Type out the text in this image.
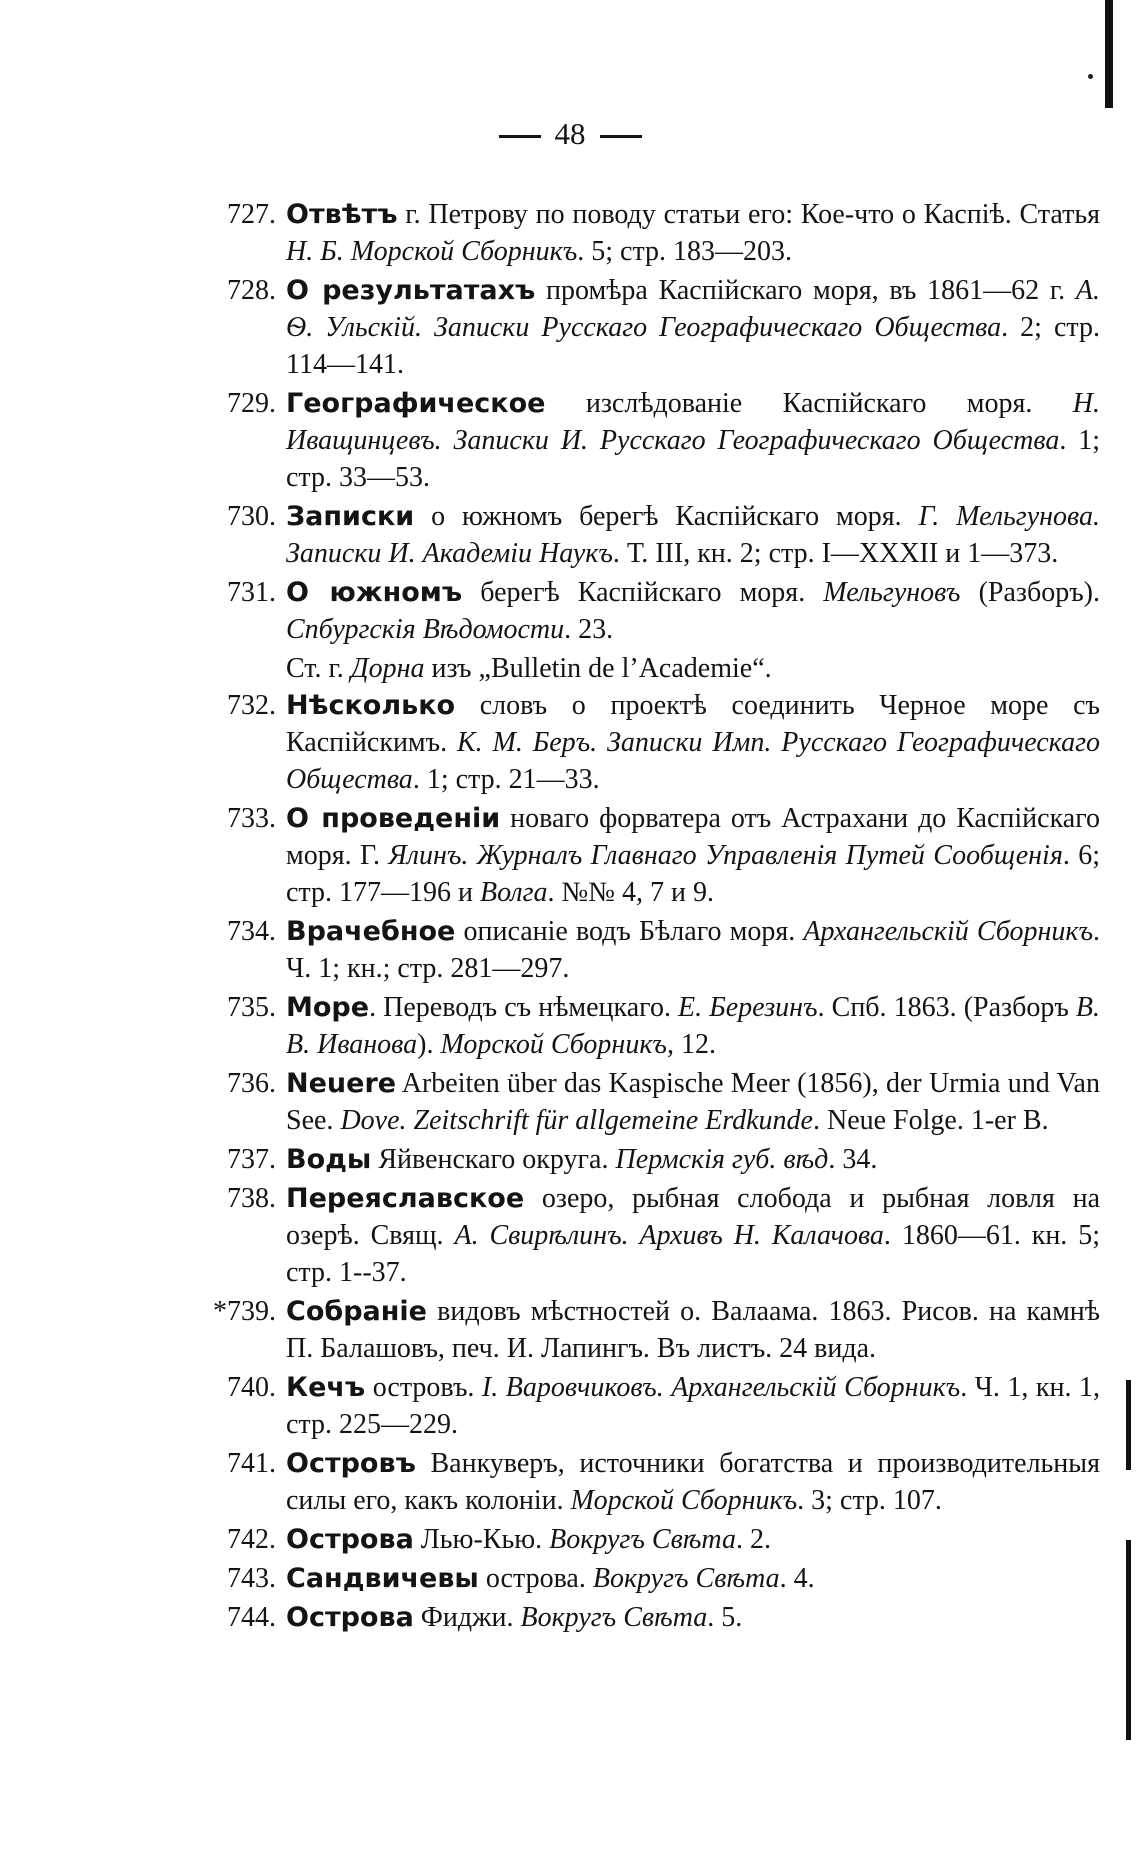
48
727. Отвѣтъ г. Петрову по поводу статьи его: Кое-что о Каспіѣ. Статья Н. Б. Морской Сборникъ. 5; стр. 183—203.
728. О результатахъ промѣра Каспійскаго моря, въ 1861—62 г. А. Ѳ. Ульскій. Записки Русскаго Географическаго Общества. 2; стр. 114—141.
729. Географическое изслѣдованіе Каспійскаго моря. Н. Иващинцевъ. Записки И. Русскаго Географическаго Общества. 1; стр. 33—53.
730. Записки о южномъ берегѣ Каспійскаго моря. Г. Мельгунова. Записки И. Академіи Наукъ. Т. III, кн. 2; стр. I—XXXII и 1—373.
731. О южномъ берегѣ Каспійскаго моря. Мельгуновъ (Разборъ). Спбургскія Вѣдомости. 23.
Ст. г. Дорна изъ „Bulletin de l’Academie“.
732. Нѣсколько словъ о проектѣ соединить Черное море съ Каспійскимъ. К. М. Беръ. Записки Имп. Русскаго Географическаго Общества. 1; стр. 21—33.
733. О проведеніи новаго форватера отъ Астрахани до Каспійскаго моря. Г. Ялинъ. Журналъ Главнаго Управленія Путей Сообщенія. 6; стр. 177—196 и Волга. №№ 4, 7 и 9.
734. Врачебное описаніе водъ Бѣлаго моря. Архангельскій Сборникъ. Ч. 1; кн.; стр. 281—297.
735. Море. Переводъ съ нѣмецкаго. Е. Березинъ. Спб. 1863. (Разборъ В. В. Иванова). Морской Сборникъ, 12.
736. Neuere Arbeiten über das Kaspische Meer (1856), der Urmia und Van See. Dove. Zeitschrift für allgemeine Erdkunde. Neue Folge. 1-er B.
737. Воды Яйвенскаго округа. Пермскія губ. вѣд. 34.
738. Переяславское озеро, рыбная слобода и рыбная ловля на озерѣ. Свящ. А. Свирѣлинъ. Архивъ Н. Калачова. 1860—61. кн. 5; стр. 1--37.
*739. Собраніе видовъ мѣстностей о. Валаама. 1863. Рисов. на камнѣ П. Балашовъ, печ. И. Лапингъ. Въ листъ. 24 вида.
740. Кечъ островъ. І. Варовчиковъ. Архангельскій Сборникъ. Ч. 1, кн. 1, стр. 225—229.
741. Островъ Ванкуверъ, источники богатства и производительныя силы его, какъ колоніи. Морской Сборникъ. 3; стр. 107.
742. Острова Лью-Кью. Вокругъ Свѣта. 2.
743. Сандвичевы острова. Вокругъ Свѣта. 4.
744. Острова Фиджи. Вокругъ Свѣта. 5.
